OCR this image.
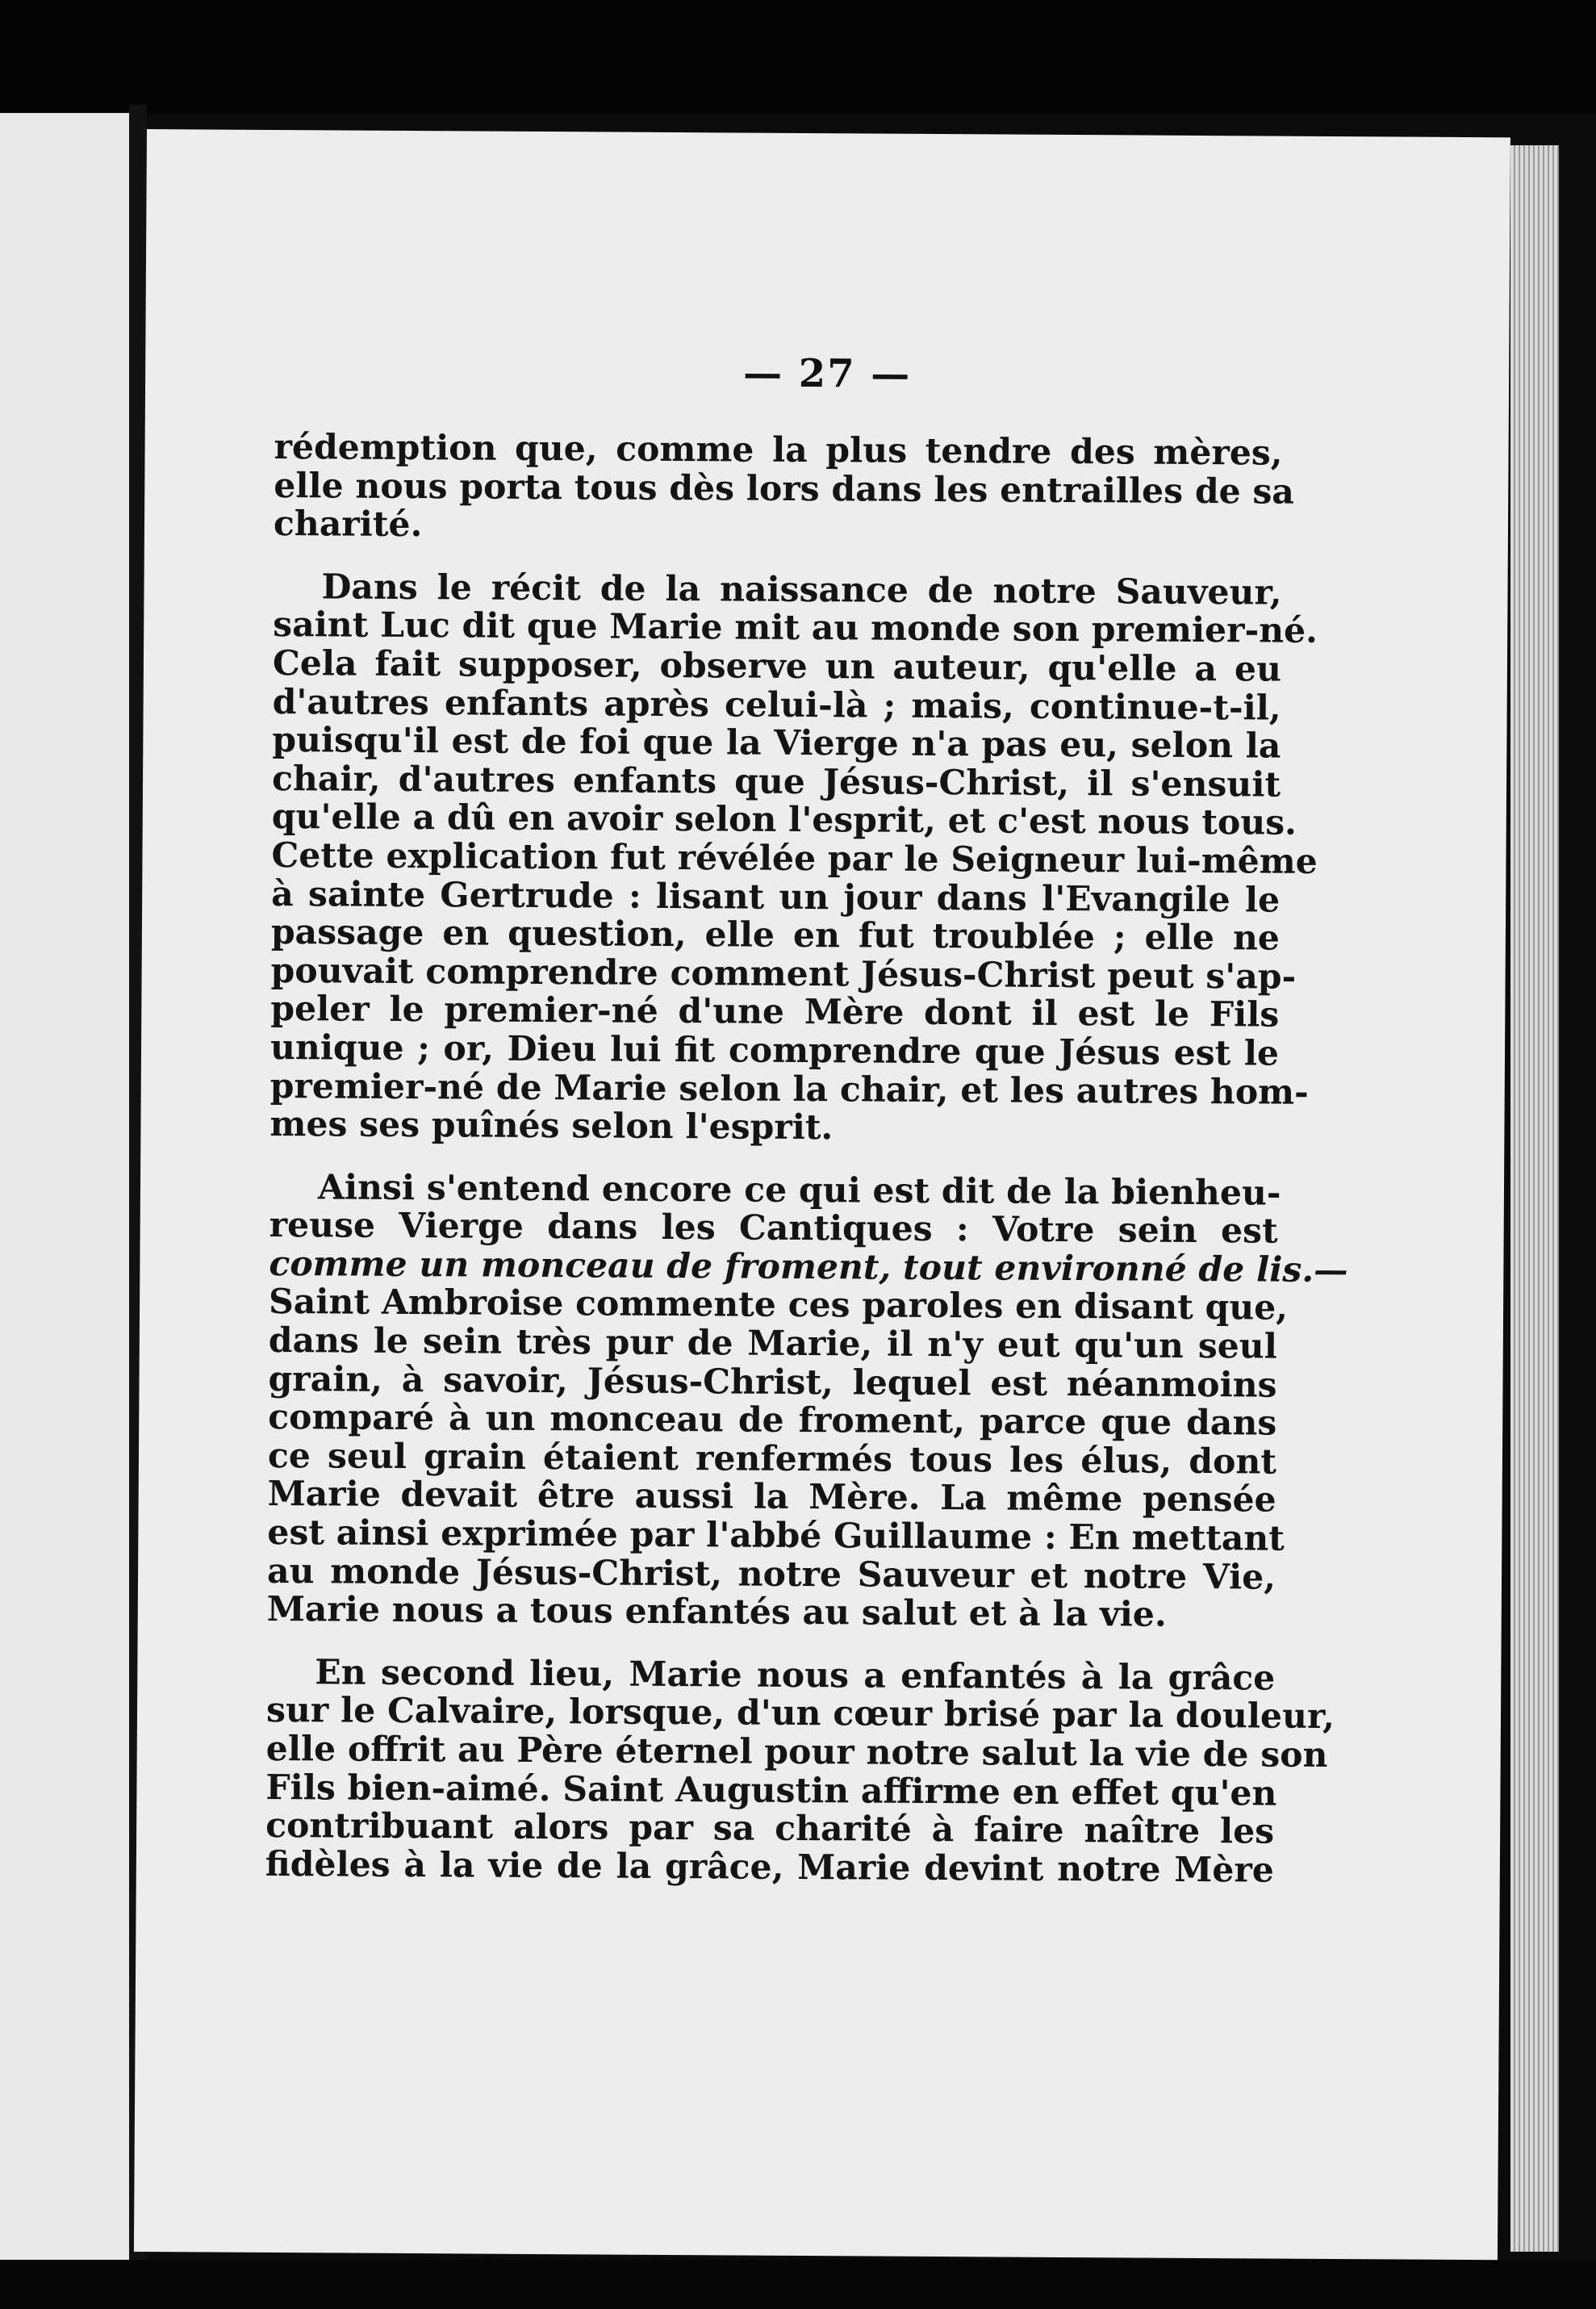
— 27 —

rédemption que, comme la plus tendre des mères,
elle nous porta tous dès lors dans les entrailles de sa
charité.

Dans le récit de la naissance de notre Sauveur,
saint Luc dit que Marie mit au monde son premier-né.
Cela fait supposer, observe un auteur, qu'elle a eu
d'autres enfants après celui-là ; mais, continue-t-il,
puisqu'il est de foi que la Vierge n'a pas eu, selon la
chair, d'autres enfants que Jésus-Christ, il s'ensuit
qu'elle a dû en avoir selon l'esprit, et c'est nous tous.
Cette explication fut révélée par le Seigneur lui-même
à sainte Gertrude : lisant un jour dans l'Evangile le
passage en question, elle en fut troublée ; elle ne
pouvait comprendre comment Jésus-Christ peut s'ap-
peler le premier-né d'une Mère dont il est le Fils
unique ; or, Dieu lui fit comprendre que Jésus est le
premier-né de Marie selon la chair, et les autres hom-
mes ses puînés selon l'esprit.

Ainsi s'entend encore ce qui est dit de la bienheu-
reuse Vierge dans les Cantiques : Votre sein est
comme un monceau de froment, tout environné de lis.—
Saint Ambroise commente ces paroles en disant que,
dans le sein très pur de Marie, il n'y eut qu'un seul
grain, à savoir, Jésus-Christ, lequel est néanmoins
comparé à un monceau de froment, parce que dans
ce seul grain étaient renfermés tous les élus, dont
Marie devait être aussi la Mère. La même pensée
est ainsi exprimée par l'abbé Guillaume : En mettant
au monde Jésus-Christ, notre Sauveur et notre Vie,
Marie nous a tous enfantés au salut et à la vie.

En second lieu, Marie nous a enfantés à la grâce
sur le Calvaire, lorsque, d'un cœur brisé par la douleur,
elle offrit au Père éternel pour notre salut la vie de son
Fils bien-aimé. Saint Augustin affirme en effet qu'en
contribuant alors par sa charité à faire naître les
fidèles à la vie de la grâce, Marie devint notre Mère
